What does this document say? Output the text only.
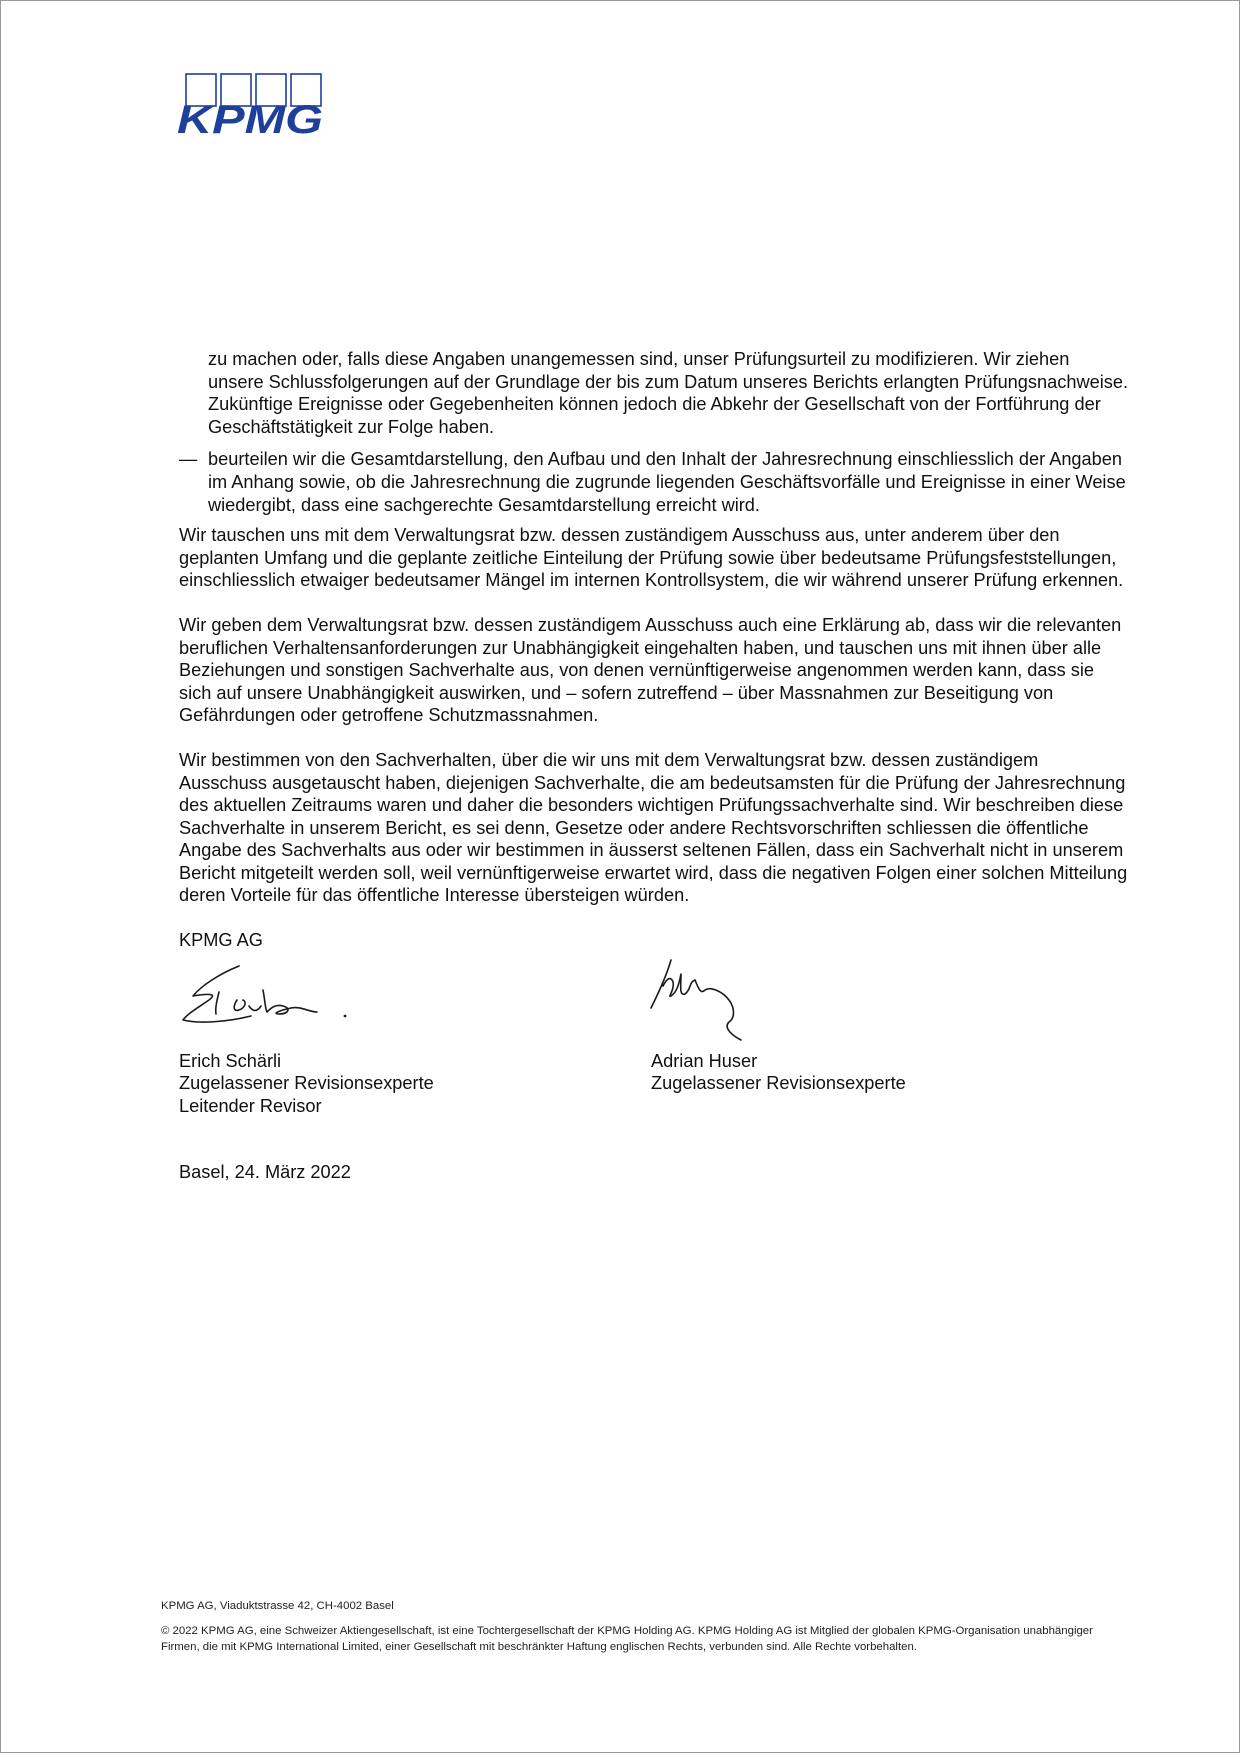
KPMG

zu machen oder, falls diese Angaben unangemessen sind, unser Prüfungsurteil zu modifizieren. Wir ziehen unsere Schlussfolgerungen auf der Grundlage der bis zum Datum unseres Berichts erlangten Prüfungsnachweise. Zukünftige Ereignisse oder Gegebenheiten können jedoch die Abkehr der Gesellschaft von der Fortführung der Geschäftstätigkeit zur Folge haben.

— beurteilen wir die Gesamtdarstellung, den Aufbau und den Inhalt der Jahresrechnung einschliesslich der Angaben im Anhang sowie, ob die Jahresrechnung die zugrunde liegenden Geschäftsvorfälle und Ereignisse in einer Weise wiedergibt, dass eine sachgerechte Gesamtdarstellung erreicht wird.

Wir tauschen uns mit dem Verwaltungsrat bzw. dessen zuständigem Ausschuss aus, unter anderem über den geplanten Umfang und die geplante zeitliche Einteilung der Prüfung sowie über bedeutsame Prüfungsfeststellungen, einschliesslich etwaiger bedeutsamer Mängel im internen Kontrollsystem, die wir während unserer Prüfung erkennen.

Wir geben dem Verwaltungsrat bzw. dessen zuständigem Ausschuss auch eine Erklärung ab, dass wir die relevanten beruflichen Verhaltensanforderungen zur Unabhängigkeit eingehalten haben, und tauschen uns mit ihnen über alle Beziehungen und sonstigen Sachverhalte aus, von denen vernünftigerweise angenommen werden kann, dass sie sich auf unsere Unabhängigkeit auswirken, und – sofern zutreffend – über Massnahmen zur Beseitigung von Gefährdungen oder getroffene Schutzmassnahmen.

Wir bestimmen von den Sachverhalten, über die wir uns mit dem Verwaltungsrat bzw. dessen zuständigem Ausschuss ausgetauscht haben, diejenigen Sachverhalte, die am bedeutsamsten für die Prüfung der Jahresrechnung des aktuellen Zeitraums waren und daher die besonders wichtigen Prüfungssachverhalte sind. Wir beschreiben diese Sachverhalte in unserem Bericht, es sei denn, Gesetze oder andere Rechtsvorschriften schliessen die öffentliche Angabe des Sachverhalts aus oder wir bestimmen in äusserst seltenen Fällen, dass ein Sachverhalt nicht in unserem Bericht mitgeteilt werden soll, weil vernünftigerweise erwartet wird, dass die negativen Folgen einer solchen Mitteilung deren Vorteile für das öffentliche Interesse übersteigen würden.

KPMG AG

Erich Schärli
Zugelassener Revisionsexperte
Leitender Revisor
Adrian Huser
Zugelassener Revisionsexperte

Basel, 24. März 2022

KPMG AG, Viaduktstrasse 42, CH-4002 Basel

© 2022 KPMG AG, eine Schweizer Aktiengesellschaft, ist eine Tochtergesellschaft der KPMG Holding AG. KPMG Holding AG ist Mitglied der globalen KPMG-Organisation unabhängiger Firmen, die mit KPMG International Limited, einer Gesellschaft mit beschränkter Haftung englischen Rechts, verbunden sind. Alle Rechte vorbehalten.
